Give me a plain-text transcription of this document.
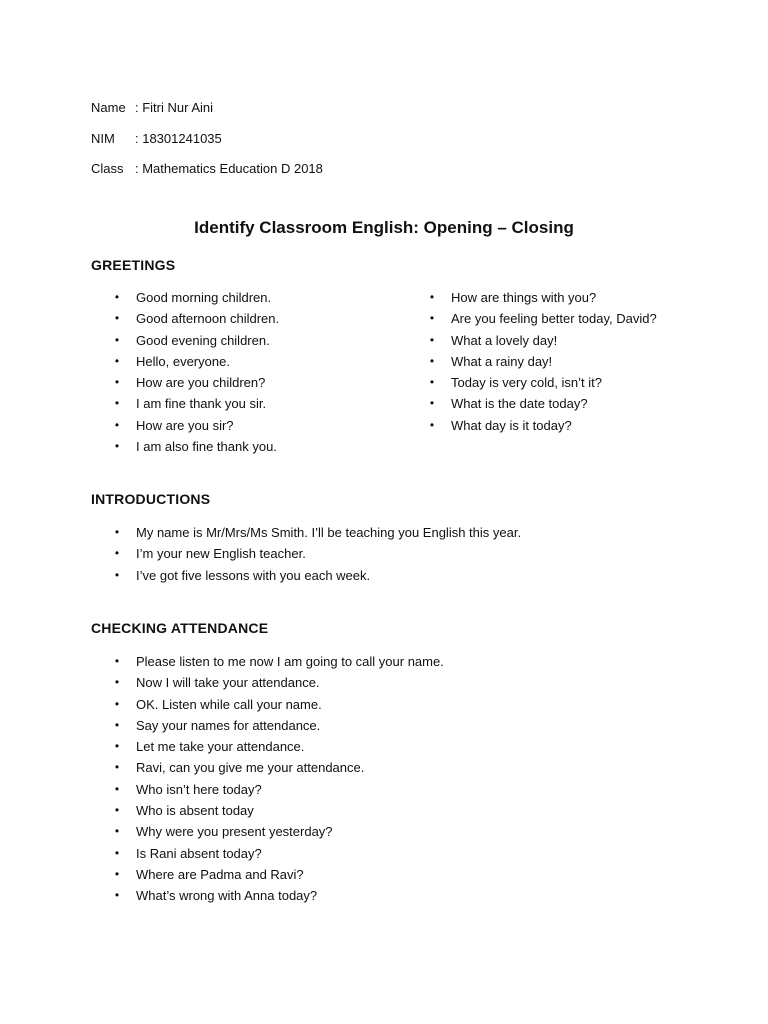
Name : Fitri Nur Aini
NIM	: 18301241035
Class : Mathematics Education D 2018
Identify Classroom English: Opening – Closing
GREETINGS
• Good morning children.
• Good afternoon children.
• Good evening children.
• Hello, everyone.
• How are you children?
• I am fine thank you sir.
• How are you sir?
• I am also fine thank you.
• How are things with you?
• Are you feeling better today, David?
• What a lovely day!
• What a rainy day!
• Today is very cold, isn’t it?
• What is the date today?
• What day is it today?
INTRODUCTIONS
• My name is Mr/Mrs/Ms Smith. I’ll be teaching you English this year.
• I’m your new English teacher.
• I’ve got five lessons with you each week.
CHECKING ATTENDANCE
• Please listen to me now I am going to call your name.
• Now I will take your attendance.
• OK. Listen while call your name.
• Say your names for attendance.
• Let me take your attendance.
• Ravi, can you give me your attendance.
• Who isn’t here today?
• Who is absent today
• Why were you present yesterday?
• Is Rani absent today?
• Where are Padma and Ravi?
• What’s wrong with Anna today?
